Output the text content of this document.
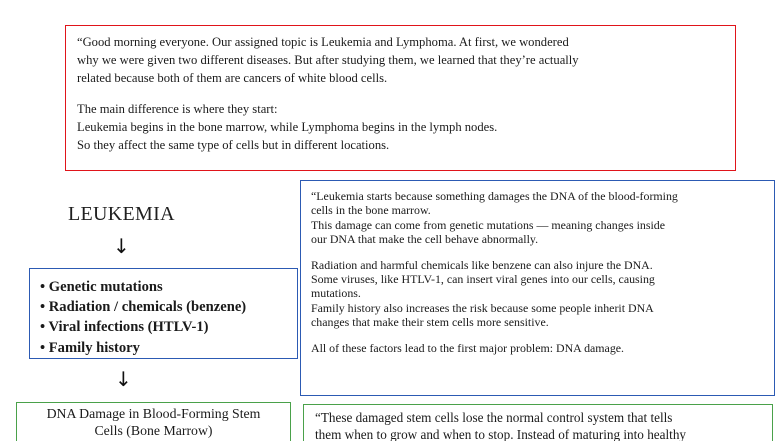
“Good morning everyone. Our assigned topic is Leukemia and Lymphoma. At first, we wondered

why we were given two different diseases. But after studying them, we learned that they’re actually

related because both of them are cancers of white blood cells.

The main difference is where they start:

Leukemia begins in the bone marrow, while Lymphoma begins in the lymph nodes.

So they affect the same type of cells but in different locations.

LEUKEMIA
↓
• Genetic mutations
• Radiation / chemicals (benzene)
• Viral infections (HTLV-1)
• Family history
↓

“Leukemia starts because something damages the DNA of the blood-forming

cells in the bone marrow.

This damage can come from genetic mutations — meaning changes inside

our DNA that make the cell behave abnormally.

Radiation and harmful chemicals like benzene can also injure the DNA.

Some viruses, like HTLV-1, can insert viral genes into our cells, causing

mutations.

Family history also increases the risk because some people inherit DNA

changes that make their stem cells more sensitive.

All of these factors lead to the first major problem: DNA damage.

DNA Damage in Blood-Forming Stem

Cells (Bone Marrow)

“These damaged stem cells lose the normal control system that tells

them when to grow and when to stop. Instead of maturing into healthy
